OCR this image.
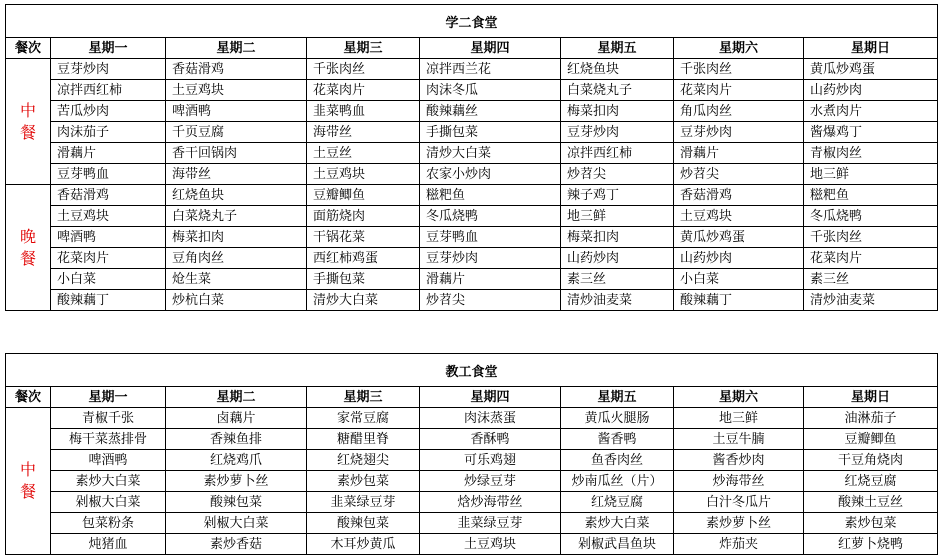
学二食堂							
餐次	星期一	星期二	星期三	星期四	星期五	星期六	星期日

中
餐	豆芽炒肉	香菇滑鸡	千张肉丝	凉拌西兰花	红烧鱼块	千张肉丝	黄瓜炒鸡蛋
	凉拌西红柿	土豆鸡块	花菜肉片	肉沫冬瓜	白菜烧丸子	花菜肉片	山药炒肉
	苦瓜炒肉	啤酒鸭	韭菜鸭血	酸辣藕丝	梅菜扣肉	角瓜肉丝	水煮肉片
	肉沫茄子	千页豆腐	海带丝	手撕包菜	豆芽炒肉	豆芽炒肉	酱爆鸡丁
	滑藕片	香干回锅肉	土豆丝	清炒大白菜	凉拌西红柿	滑藕片	青椒肉丝
	豆芽鸭血	海带丝	土豆鸡块	农家小炒肉	炒苕尖	炒苕尖	地三鲜

晚
餐	香菇滑鸡	红烧鱼块	豆瓣鲫鱼	糍粑鱼	辣子鸡丁	香菇滑鸡	糍粑鱼
	土豆鸡块	白菜烧丸子	面筋烧肉	冬瓜烧鸭	地三鲜	土豆鸡块	冬瓜烧鸭
	啤酒鸭	梅菜扣肉	干锅花菜	豆芽鸭血	梅菜扣肉	黄瓜炒鸡蛋	千张肉丝
	花菜肉片	豆角肉丝	西红柿鸡蛋	豆芽炒肉	山药炒肉	山药炒肉	花菜肉片
	小白菜	炝生菜	手撕包菜	滑藕片	素三丝	小白菜	素三丝
	酸辣藕丁	炒杭白菜	清炒大白菜	炒苕尖	清炒油麦菜	酸辣藕丁	清炒油麦菜
教工食堂							
餐次	星期一	星期二	星期三	星期四	星期五	星期六	星期日

中
餐	青椒千张	卤藕片	家常豆腐	肉沫蒸蛋	黄瓜火腿肠	地三鲜	油淋茄子
	梅干菜蒸排骨	香辣鱼排	糖醋里脊	香酥鸭	酱香鸭	土豆牛腩	豆瓣鲫鱼
	啤酒鸭	红烧鸡爪	红烧翅尖	可乐鸡翅	鱼香肉丝	酱香炒肉	干豆角烧肉
	素炒大白菜	素炒萝卜丝	素炒包菜	炒绿豆芽	炒南瓜丝（片）	炒海带丝	红烧豆腐
	剁椒大白菜	酸辣包菜	韭菜绿豆芽	焓炒海带丝	红烧豆腐	白汁冬瓜片	酸辣土豆丝
	包菜粉条	剁椒大白菜	酸辣包菜	韭菜绿豆芽	素炒大白菜	素炒萝卜丝	素炒包菜
	炖猪血	素炒香菇	木耳炒黄瓜	土豆鸡块	剁椒武昌鱼块	炸茄夹	红萝卜烧鸭
